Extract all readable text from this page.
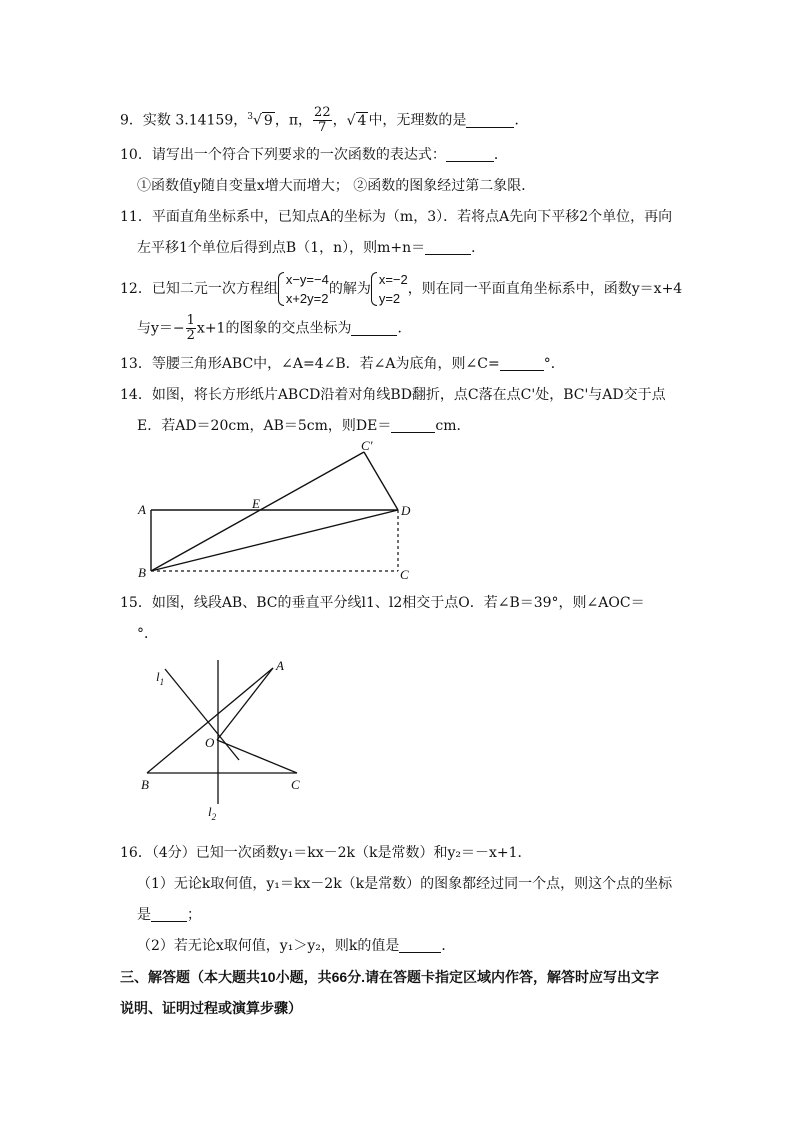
9．实数 3.14159，$^3$√ 9 ，π， $\frac{22}{7}$ ，√ 4 中，无理数的是	．
10．请写出一个符合下列要求的一次函数的表达式：	．
①函数值y随自变量x增大而增大； ②函数的图象经过第二象限．
11．平面直角坐标系中，已知点A的坐标为（m，3）．若将点A先向下平移2个单位，再向
左平移1个单位后得到点B（1，n），则m+n＝	．
12．已知二元一次方程组
x−y=−4
x+2y=2
的解为
x=−2
y=2
，则在同一平面直角坐标系中，函数y＝x+4
与$y=- \frac{1}{2} x+1$的图象的交点坐标为	．
13．等腰三角形ABC中，∠A=4∠B．若∠A为底角，则∠C=	°．
14．如图，将长方形纸片ABCD沿着对角线BD翻折，点C落在点C'处，BC'与AD交于点
E．若AD＝20cm，AB＝5cm，则DE＝	cm．
A
B	C
D
E
C'
15．如图，线段AB、BC的垂直平分线l1、l2相交于点O．若∠B＝39°，则∠AOC＝
°．
$l_1$
$l_2$
A
B	C
O
16．（4分）已知一次函数y₁＝kx－2k（k是常数）和y₂＝－x+1．
（1）无论k取何值，y₁＝kx－2k（k是常数）的图象都经过同一个点，则这个点的坐标
是	；
（2）若无论x取何值，y₁＞y₂，则k的值是	．
三、解答题（本大题共10小题，共66分.请在答题卡指定区域内作答，解答时应写出文字
说明、证明过程或演算步骤）
